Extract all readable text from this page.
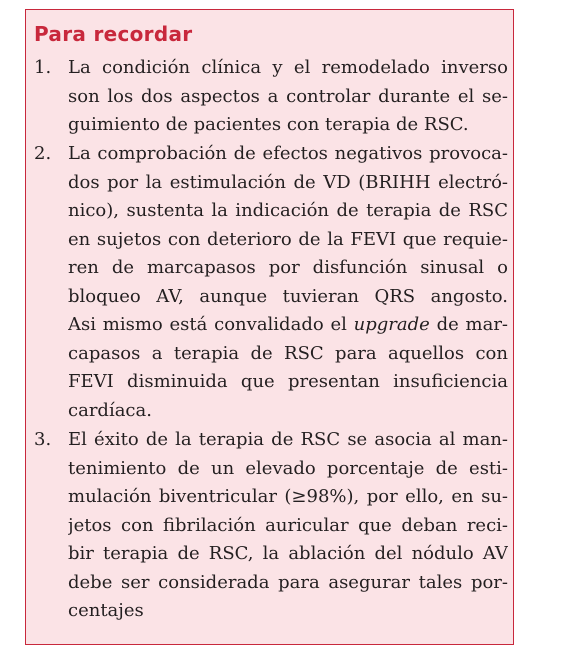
Para recordar
1. La condición clínica y el remodelado inverso
son los dos aspectos a controlar durante el se-
guimiento de pacientes con terapia de RSC.
2. La comprobación de efectos negativos provoca-
dos por la estimulación de VD (BRIHH electró-
nico), sustenta la indicación de terapia de RSC
en sujetos con deterioro de la FEVI que requie-
ren de marcapasos por disfunción sinusal o
bloqueo AV, aunque tuvieran QRS angosto.
Asi mismo está convalidado el upgrade de mar-
capasos a terapia de RSC para aquellos con
FEVI disminuida que presentan insuficiencia
cardíaca.
3. El éxito de la terapia de RSC se asocia al man-
tenimiento de un elevado porcentaje de esti-
mulación biventricular (≥98%), por ello, en su-
jetos con fibrilación auricular que deban reci-
bir terapia de RSC, la ablación del nódulo AV
debe ser considerada para asegurar tales por-
centajes
